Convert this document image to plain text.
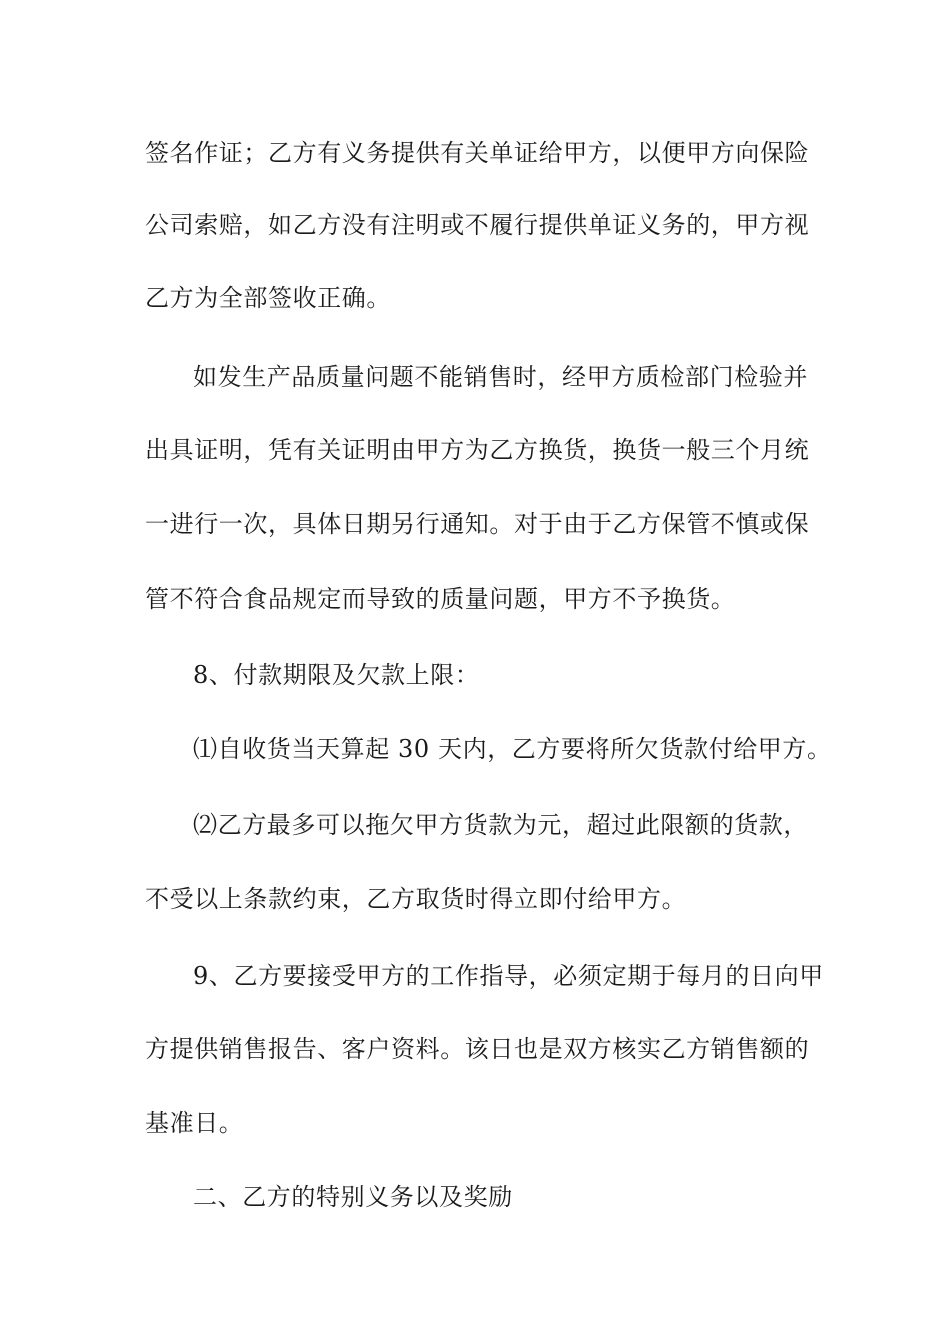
签名作证；乙方有义务提供有关单证给甲方，以便甲方向保险
公司索赔，如乙方没有注明或不履行提供单证义务的，甲方视
乙方为全部签收正确。
如发生产品质量问题不能销售时，经甲方质检部门检验并
出具证明，凭有关证明由甲方为乙方换货，换货一般三个月统
一进行一次，具体日期另行通知。对于由于乙方保管不慎或保
管不符合食品规定而导致的质量问题，甲方不予换货。
8、付款期限及欠款上限：
⑴自收货当天算起 30 天内，乙方要将所欠货款付给甲方。
⑵乙方最多可以拖欠甲方货款为元，超过此限额的货款，
不受以上条款约束，乙方取货时得立即付给甲方。
9、乙方要接受甲方的工作指导，必须定期于每月的日向甲
方提供销售报告、客户资料。该日也是双方核实乙方销售额的
基准日。
二、乙方的特别义务以及奖励
